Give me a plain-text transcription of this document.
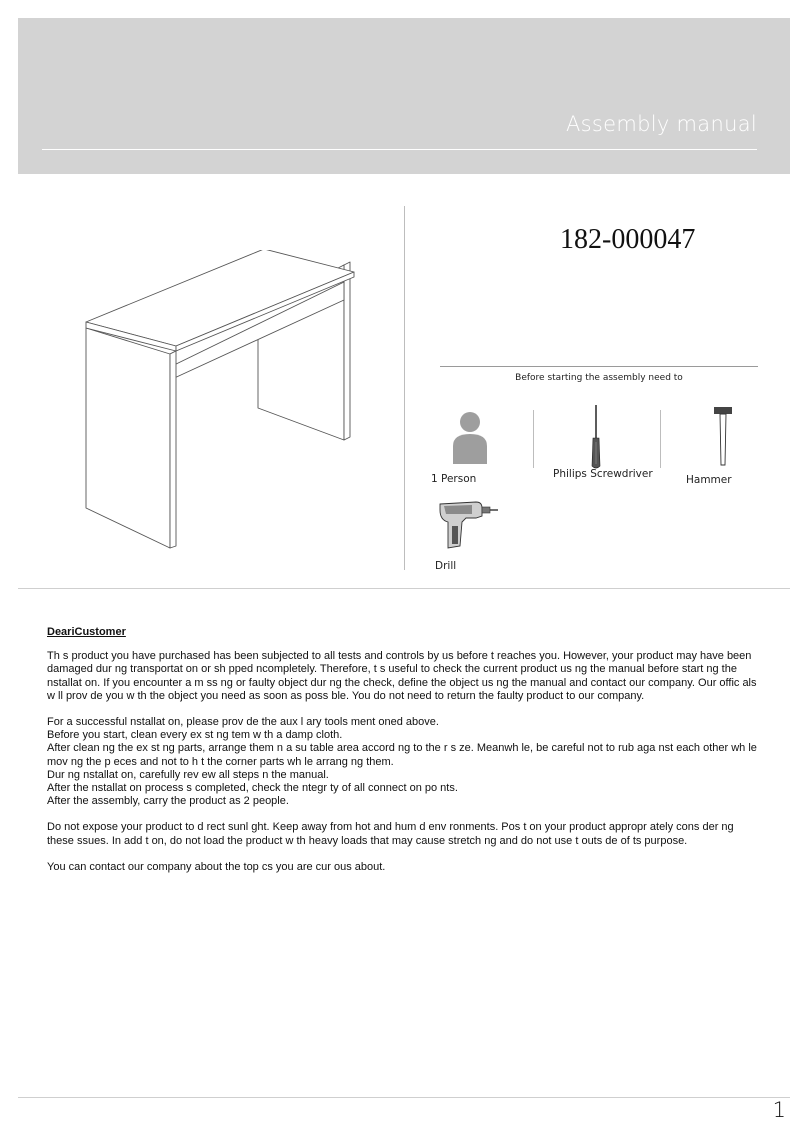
Assembly manual
182-000047
Before starting the assembly need to
1 Person	Philips Screwdriver	Hammer
Drill

DeariCustomer

Th s product you have purchased has been subjected to all tests and controls by us before t reaches you. However, your product may have been damaged dur ng transportat on or sh pped ncompletely. Therefore, t s useful to check the current product us ng the manual before start ng the nstallat on. If you encounter a m ss ng or faulty object dur ng the check, define the object us ng the manual and contact our company. Our offic als w ll prov de you w th the object you need as soon as poss ble. You do not need to return the faulty product to our company.

For a successful nstallat on, please prov de the aux l ary tools ment oned above.
Before you start, clean every ex st ng tem w th a damp cloth.
After clean ng the ex st ng parts, arrange them n a su table area accord ng to the r s ze. Meanwh le, be careful not to rub aga nst each other wh le mov ng the p eces and not to h t the corner parts wh le arrang ng them.
Dur ng nstallat on, carefully rev ew all steps n the manual.
After the nstallat on process s completed, check the ntegr ty of all connect on po nts.
After the assembly, carry the product as 2 people.

Do not expose your product to d rect sunl ght. Keep away from hot and hum d env ronments. Pos t on your product appropr ately cons der ng these ssues. In add t on, do not load the product w th heavy loads that may cause stretch ng and do not use t outs de of ts purpose.

You can contact our company about the top cs you are cur ous about.

1
